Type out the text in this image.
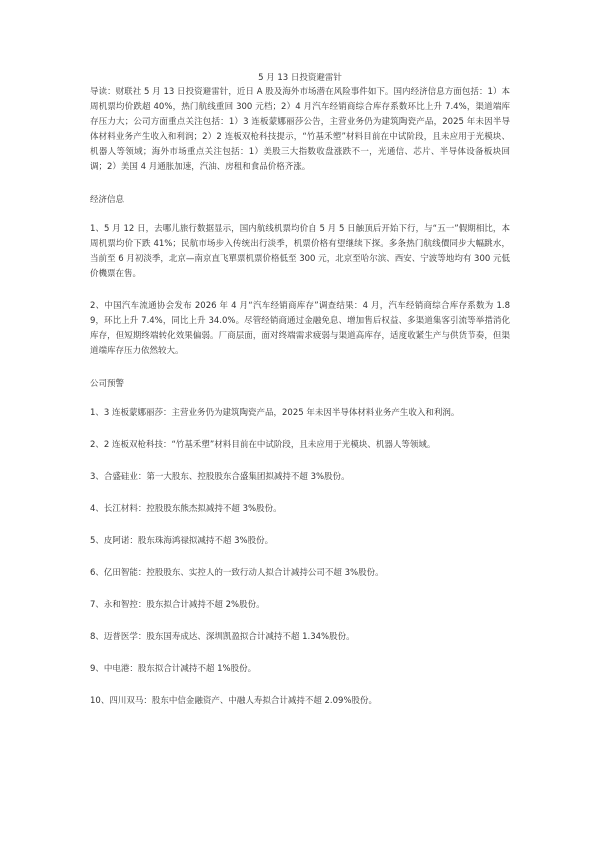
5 月 13 日投资避雷针

导读：财联社 5 月 13 日投资避雷针，近日 A 股及海外市场潜在风险事件如下。国内经济信息方面包括：1）本周机票均价跌超 40%，热门航线重回 300 元档；2）4 月汽车经销商综合库存系数环比上升 7.4%，渠道端库存压力大；公司方面重点关注包括：1）3 连板蒙娜丽莎公告，主营业务仍为建筑陶瓷产品，2025 年未因半导体材料业务产生收入和利润；2）2 连板双枪科技提示，“竹基禾塑”材料目前在中试阶段，且未应用于光模块、机器人等领域；海外市场重点关注包括：1）美股三大指数收盘涨跌不一，光通信、芯片、半导体设备板块回调；2）美国 4 月通胀加速，汽油、房租和食品价格齐涨。

经济信息

1、5 月 12 日，去哪儿旅行数据显示，国内航线机票均价自 5 月 5 日触顶后开始下行，与“五一”假期相比，本周机票均价下跌 41%；民航市场步入传统出行淡季，机票价格有望继续下探。多条热门航线價同步大幅跳水，当前至 6 月初淡季，北京—南京直飞單票机票价格低至 300 元，北京至哈尔滨、西安、宁波等地均有 300 元低价機票在售。

2、中国汽车流通协会发布 2026 年 4 月“汽车经销商库存”调查结果：4 月，汽车经销商综合库存系数为 1.89，环比上升 7.4%，同比上升 34.0%。尽管经销商通过金融免息、增加售后权益、多渠道集客引流等举措消化库存，但短期终端转化效果偏弱。厂商层面，面对终端需求疲弱与渠道高库存，适度收紧生产与供货节奏，但渠道端库存压力依然较大。

公司预警

1、3 连板蒙娜丽莎：主营业务仍为建筑陶瓷产品，2025 年未因半导体材料业务产生收入和利润。

2、2 连板双枪科技：“竹基禾塑”材料目前在中试阶段，且未应用于光模块、机器人等领域。

3、合盛硅业：第一大股东、控股股东合盛集团拟减持不超 3%股份。

4、长江材料：控股股东熊杰拟减持不超 3%股份。

5、皮阿诺：股东珠海鸿禄拟减持不超 3%股份。

6、亿田智能：控股股东、实控人的一致行动人拟合计减持公司不超 3%股份。

7、永和智控：股东拟合计减持不超 2%股份。

8、迈普医学：股东国寿成达、深圳凯盈拟合计减持不超 1.34%股份。

9、中电港：股东拟合计减持不超 1%股份。

10、四川双马：股东中信金融资产、中融人寿拟合计减持不超 2.09%股份。
